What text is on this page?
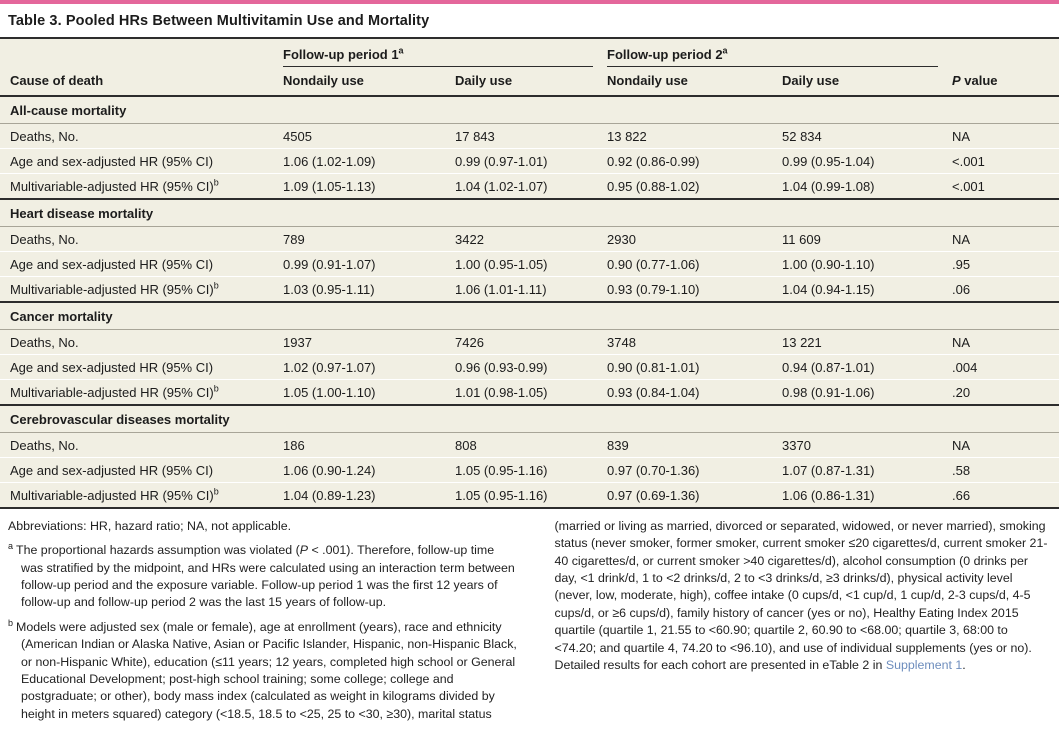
Table 3. Pooled HRs Between Multivitamin Use and Mortality

	Follow-up period 1$^a$		Follow-up period 2$^a$

Cause of death	Nondaily use	Daily use	Nondaily use	Daily use	P value
All-cause mortality					
Deaths, No.	4505	17 843	13 822	52 834	NA
Age and sex-adjusted HR (95% CI)	1.06 (1.02-1.09)	0.99 (0.97-1.01)	0.92 (0.86-0.99)	0.99 (0.95-1.04)	<.001
Multivariable-adjusted HR (95% CI)$^b$	1.09 (1.05-1.13)	1.04 (1.02-1.07)	0.95 (0.88-1.02)	1.04 (0.99-1.08)	<.001
Heart disease mortality					
Deaths, No.	789	3422	2930	11 609	NA
Age and sex-adjusted HR (95% CI)	0.99 (0.91-1.07)	1.00 (0.95-1.05)	0.90 (0.77-1.06)	1.00 (0.90-1.10)	.95
Multivariable-adjusted HR (95% CI)$^b$	1.03 (0.95-1.11)	1.06 (1.01-1.11)	0.93 (0.79-1.10)	1.04 (0.94-1.15)	.06
Cancer mortality					
Deaths, No.	1937	7426	3748	13 221	NA
Age and sex-adjusted HR (95% CI)	1.02 (0.97-1.07)	0.96 (0.93-0.99)	0.90 (0.81-1.01)	0.94 (0.87-1.01)	.004
Multivariable-adjusted HR (95% CI)$^b$	1.05 (1.00-1.10)	1.01 (0.98-1.05)	0.93 (0.84-1.04)	0.98 (0.91-1.06)	.20
Cerebrovascular diseases mortality					
Deaths, No.	186	808	839	3370	NA
Age and sex-adjusted HR (95% CI)	1.06 (0.90-1.24)	1.05 (0.95-1.16)	0.97 (0.70-1.36)	1.07 (0.87-1.31)	.58
Multivariable-adjusted HR (95% CI)$^b$	1.04 (0.89-1.23)	1.05 (0.95-1.16)	0.97 (0.69-1.36)	1.06 (0.86-1.31)	.66

Abbreviations: HR, hazard ratio; NA, not applicable.

$^a$ The proportional hazards assumption was violated (P < .001). Therefore, follow-up time was stratified by the midpoint, and HRs were calculated using an interaction term between follow-up period and the exposure variable. Follow-up period 1 was the first 12 years of follow-up and follow-up period 2 was the last 15 years of follow-up.

$^b$ Models were adjusted sex (male or female), age at enrollment (years), race and ethnicity (American Indian or Alaska Native, Asian or Pacific Islander, Hispanic, non-Hispanic Black, or non-Hispanic White), education (≤11 years; 12 years, completed high school or General Educational Development; post-high school training; some college; college and postgraduate; or other), body mass index (calculated as weight in kilograms divided by height in meters squared) category (<18.5, 18.5 to <25, 25 to <30, ≥30), marital status (married or living as married, divorced or separated, widowed, or never married), smoking status (never smoker, former smoker, current smoker ≤20 cigarettes/d, current smoker 21-40 cigarettes/d, or current smoker >40 cigarettes/d), alcohol consumption (0 drinks per day, <1 drink/d, 1 to <2 drinks/d, 2 to <3 drinks/d, ≥3 drinks/d), physical activity level (never, low, moderate, high), coffee intake (0 cups/d, <1 cup/d, 1 cup/d, 2-3 cups/d, 4-5 cups/d, or ≥6 cups/d), family history of cancer (yes or no), Healthy Eating Index 2015 quartile (quartile 1, 21.55 to <60.90; quartile 2, 60.90 to <68.00; quartile 3, 68:00 to <74.20; and quartile 4, 74.20 to <96.10), and use of individual supplements (yes or no). Detailed results for each cohort are presented in eTable 2 in Supplement 1.
